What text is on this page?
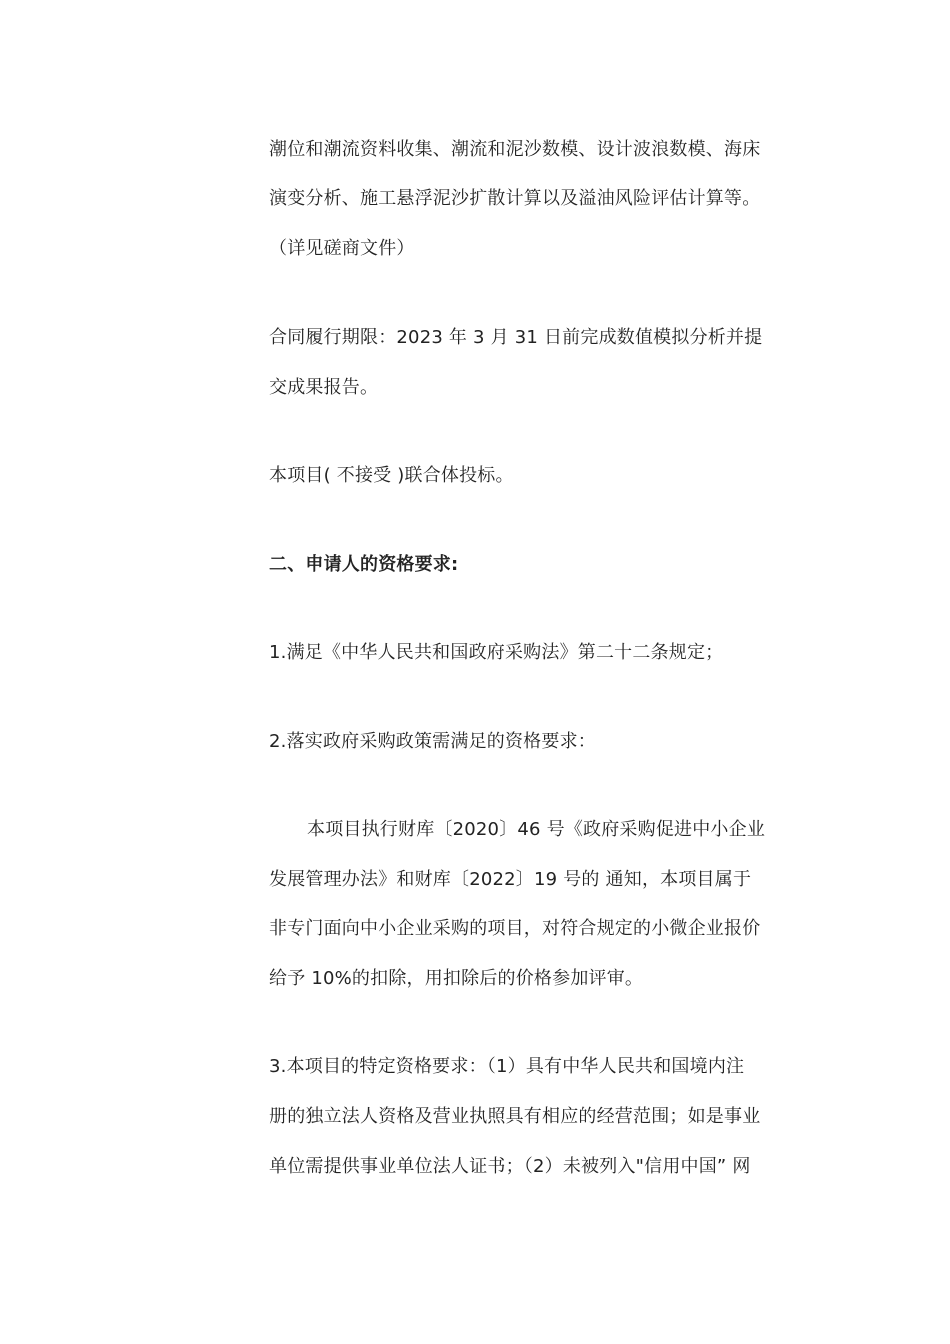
潮位和潮流资料收集、潮流和泥沙数模、设计波浪数模、海床
演变分析、施工悬浮泥沙扩散计算以及溢油风险评估计算等。
（详见磋商文件）
合同履行期限：2023 年 3 月 31 日前完成数值模拟分析并提
交成果报告。
本项目( 不接受 )联合体投标。
二、申请人的资格要求:
1.满足《中华人民共和国政府采购法》第二十二条规定；
2.落实政府采购政策需满足的资格要求：
本项目执行财库〔2020〕46 号《政府采购促进中小企业
发展管理办法》和财库〔2022〕19 号的 通知，本项目属于
非专门面向中小企业采购的项目，对符合规定的小微企业报价
给予 10%的扣除，用扣除后的价格参加评审。
3.本项目的特定资格要求：（1）具有中华人民共和国境内注
册的独立法人资格及营业执照具有相应的经营范围；如是事业
单位需提供事业单位法人证书；（2）未被列入"信用中国” 网
